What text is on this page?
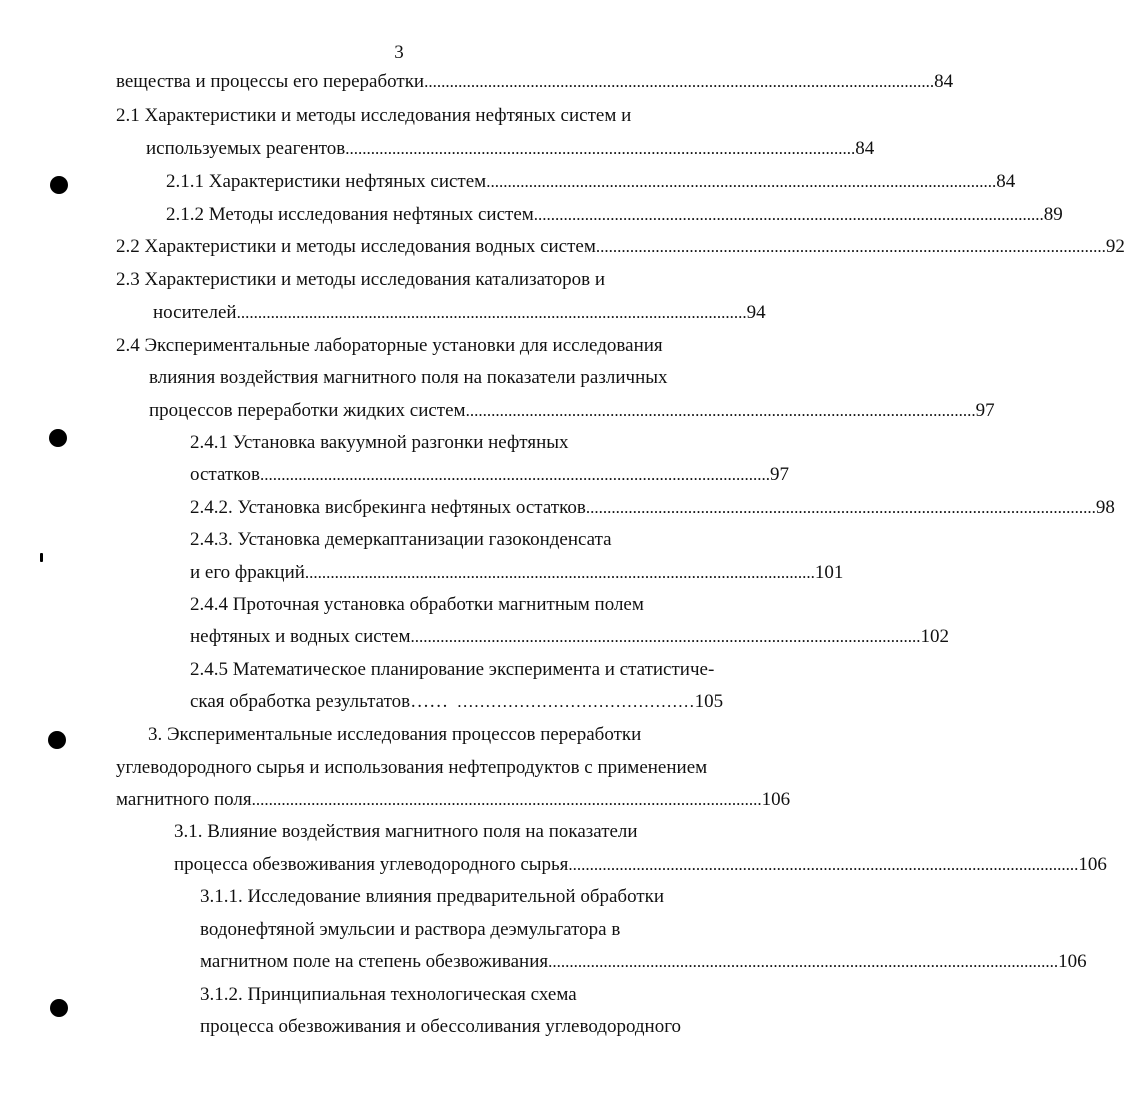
3
вещества и процессы его переработки ........................................................................................................................ 84
2.1 Характеристики и методы исследования нефтяных систем и
используемых реагентов ........................................................................................................................ 84
2.1.1 Характеристики нефтяных систем ........................................................................................................................ 84
2.1.2 Методы исследования нефтяных систем ........................................................................................................................ 89
2.2 Характеристики и методы исследования водных систем ........................................................................................................................ 92
2.3 Характеристики и методы исследования катализаторов и
носителей ........................................................................................................................ 94
2.4 Экспериментальные лабораторные установки для исследования
влияния воздействия магнитного поля на показатели различных
процессов переработки жидких систем ........................................................................................................................ 97
2.4.1 Установка вакуумной разгонки нефтяных
остатков ........................................................................................................................ 97
2.4.2. Установка висбрекинга нефтяных остатков ........................................................................................................................ 98
2.4.3. Установка демеркаптанизации газоконденсата
и его фракций ........................................................................................................................ 101
2.4.4 Проточная установка обработки магнитным полем
нефтяных и водных систем ........................................................................................................................ 102
2.4.5 Математическое планирование эксперимента и статистиче-
ская обработка результатов…… …………………………………… 105
3. Экспериментальные исследования процессов переработки
углеводородного сырья и использования нефтепродуктов с применением
магнитного поля ........................................................................................................................ 106
3.1. Влияние воздействия магнитного поля на показатели
процесса обезвоживания углеводородного сырья ........................................................................................................................ 106
3.1.1. Исследование влияния предварительной обработки
водонефтяной эмульсии и раствора деэмульгатора в
магнитном поле на степень обезвоживания ........................................................................................................................ 106
3.1.2. Принципиальная технологическая схема
процесса обезвоживания и обессоливания углеводородного
